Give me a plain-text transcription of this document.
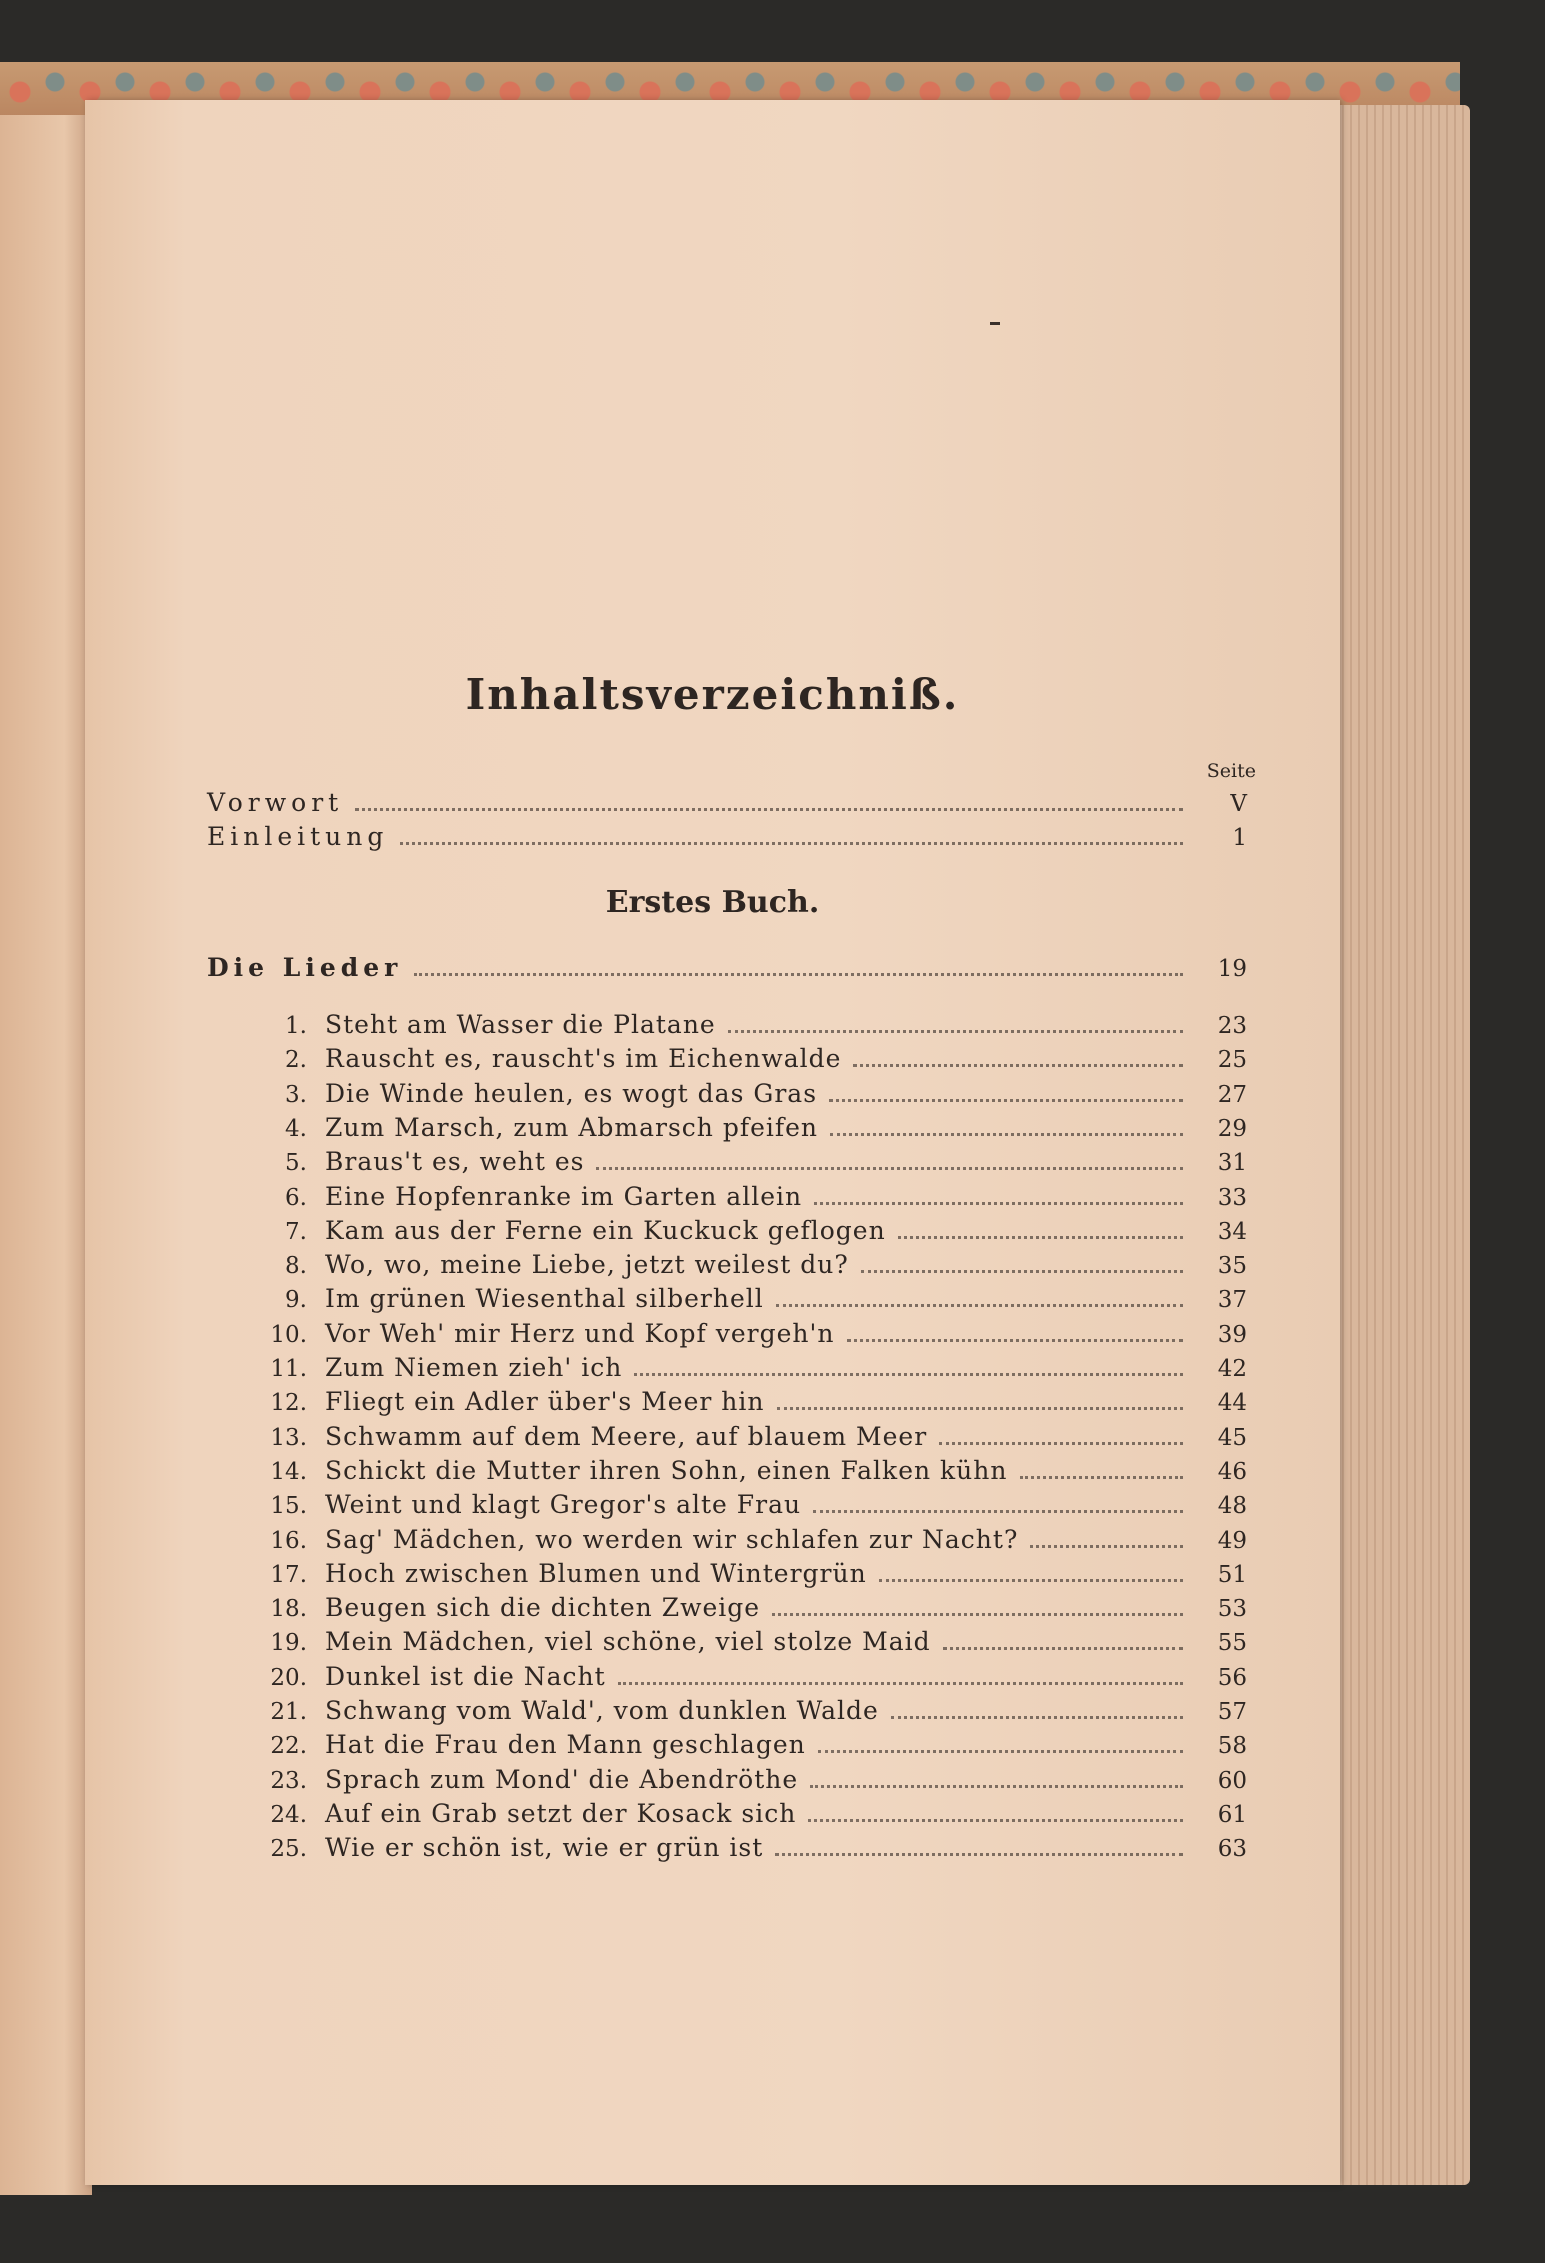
Inhaltsverzeichniß.
Seite
Vorwort	V
Einleitung	1
Erstes Buch.
Die Lieder	19
1. Steht am Wasser die Platane	23
2. Rauscht es, rauscht's im Eichenwalde	25
3. Die Winde heulen, es wogt das Gras	27
4. Zum Marsch, zum Abmarsch pfeifen	29
5. Braus't es, weht es	31
6. Eine Hopfenranke im Garten allein	33
7. Kam aus der Ferne ein Kuckuck geflogen	34
8. Wo, wo, meine Liebe, jetzt weilest du?	35
9. Im grünen Wiesenthal silberhell	37
10. Vor Weh' mir Herz und Kopf vergeh'n	39
11. Zum Niemen zieh' ich	42
12. Fliegt ein Adler über's Meer hin	44
13. Schwamm auf dem Meere, auf blauem Meer	45
14. Schickt die Mutter ihren Sohn, einen Falken kühn	46
15. Weint und klagt Gregor's alte Frau	48
16. Sag' Mädchen, wo werden wir schlafen zur Nacht?	49
17. Hoch zwischen Blumen und Wintergrün	51
18. Beugen sich die dichten Zweige	53
19. Mein Mädchen, viel schöne, viel stolze Maid	55
20. Dunkel ist die Nacht	56
21. Schwang vom Wald', vom dunklen Walde	57
22. Hat die Frau den Mann geschlagen	58
23. Sprach zum Mond' die Abendröthe	60
24. Auf ein Grab setzt der Kosack sich	61
25. Wie er schön ist, wie er grün ist	63
